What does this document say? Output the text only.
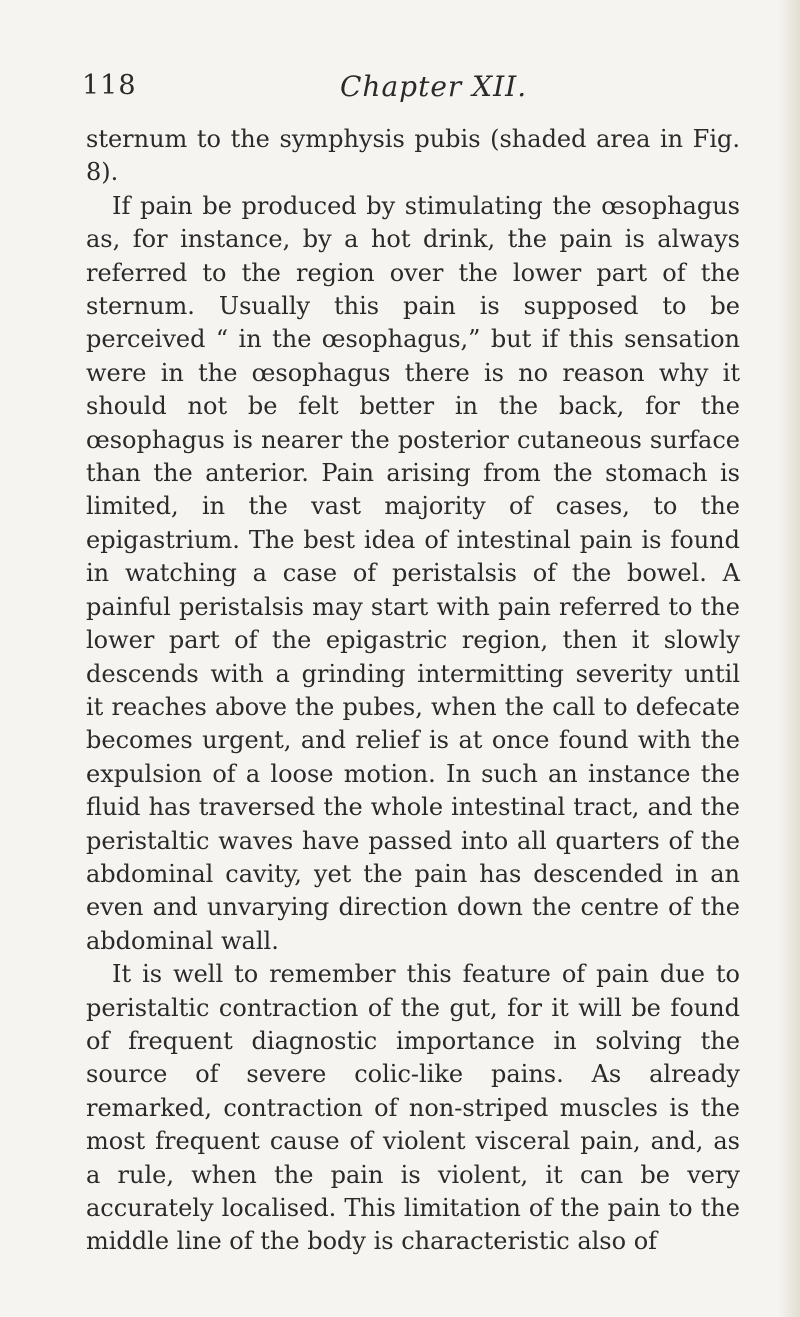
118	Chapter XII.

sternum to the symphysis pubis (shaded area in Fig. 8).

If pain be produced by stimulating the œsophagus as, for instance, by a hot drink, the pain is always referred to the region over the lower part of the sternum. Usually this pain is supposed to be perceived “ in the œsophagus,” but if this sensation were in the œsophagus there is no reason why it should not be felt better in the back, for the œsophagus is nearer the posterior cutaneous surface than the anterior. Pain arising from the stomach is limited, in the vast majority of cases, to the epigastrium. The best idea of intestinal pain is found in watching a case of peristalsis of the bowel. A painful peristalsis may start with pain referred to the lower part of the epigastric region, then it slowly descends with a grinding intermitting severity until it reaches above the pubes, when the call to defecate becomes urgent, and relief is at once found with the expulsion of a loose motion. In such an instance the fluid has traversed the whole intestinal tract, and the peristaltic waves have passed into all quarters of the abdominal cavity, yet the pain has descended in an even and unvarying direction down the centre of the abdominal wall.

It is well to remember this feature of pain due to peristaltic contraction of the gut, for it will be found of frequent diagnostic importance in solving the source of severe colic-like pains. As already remarked, contraction of non-striped muscles is the most frequent cause of violent visceral pain, and, as a rule, when the pain is violent, it can be very accurately localised. This limitation of the pain to the middle line of the body is characteristic also of
